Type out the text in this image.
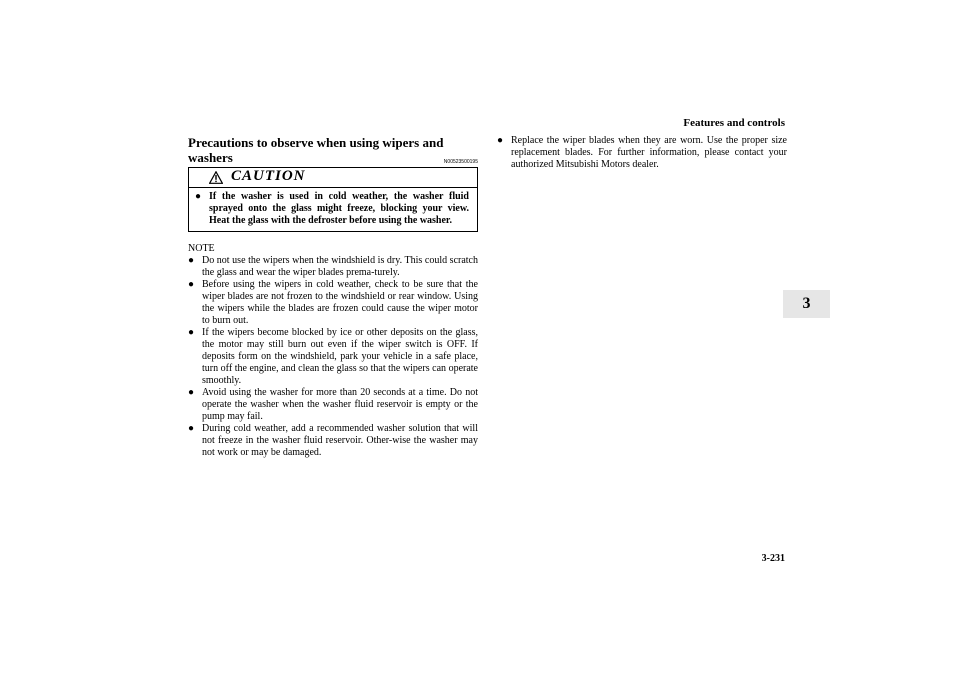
Features and controls
3
Precautions to observe when using wipers and washers	N00523500195
CAUTION
● If the washer is used in cold weather, the washer fluid sprayed onto the glass might freeze, blocking your view. Heat the glass with the defroster before using the washer.
NOTE
● Do not use the wipers when the windshield is dry. This could scratch the glass and wear the wiper blades prema-turely.
● Before using the wipers in cold weather, check to be sure that the wiper blades are not frozen to the windshield or rear window. Using the wipers while the blades are frozen could cause the wiper motor to burn out.
● If the wipers become blocked by ice or other deposits on the glass, the motor may still burn out even if the wiper switch is OFF. If deposits form on the windshield, park your vehicle in a safe place, turn off the engine, and clean the glass so that the wipers can operate smoothly.
● Avoid using the washer for more than 20 seconds at a time. Do not operate the washer when the washer fluid reservoir is empty or the pump may fail.
● During cold weather, add a recommended washer solution that will not freeze in the washer fluid reservoir. Other-wise the washer may not work or may be damaged.
● Replace the wiper blades when they are worn. Use the proper size replacement blades. For further information, please contact your authorized Mitsubishi Motors dealer.
3-231
